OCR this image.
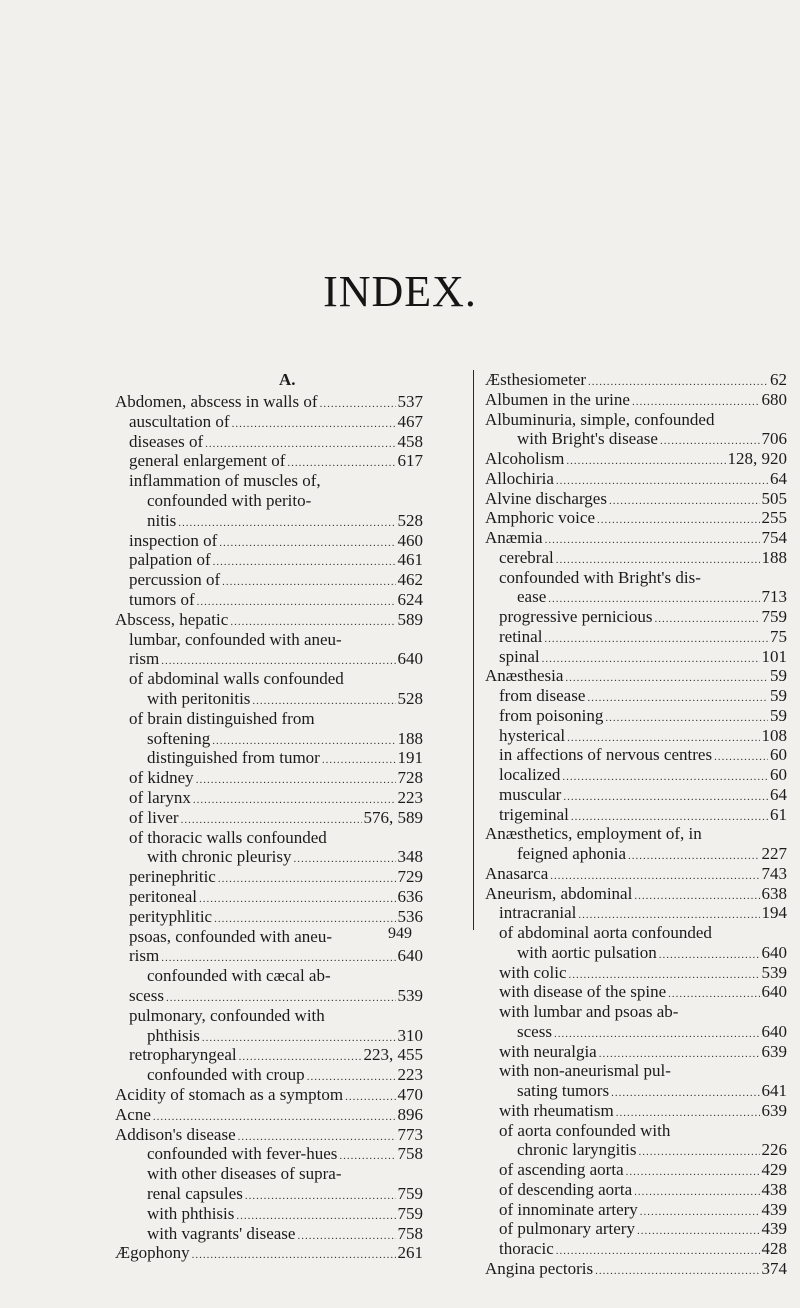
INDEX.
A.
Abdomen, abscess in walls of .....	537
auscultation of .....	467
diseases of .....	458
general enlargement of .....	617
inflammation of muscles of,
confounded with perito-
nitis .....	528
inspection of .....	460
palpation of .....	461
percussion of .....	462
tumors of .....	624
Abscess, hepatic .....	589
lumbar, confounded with aneu-
rism .....	640
of abdominal walls confounded
with peritonitis .....	528
of brain distinguished from
softening .....	188
distinguished from tumor .....	191
of kidney .....	728
of larynx .....	223
of liver .....	576, 589
of thoracic walls confounded
with chronic pleurisy .....	348
perinephritic .....	729
peritoneal .....	636
perityphlitic .....	536
psoas, confounded with aneu-
rism .....	640
confounded with cæcal ab-
scess .....	539
pulmonary, confounded with
phthisis .....	310
retropharyngeal .....	223, 455
confounded with croup .....	223
Acidity of stomach as a symptom .....	470
Acne .....	896
Addison's disease .....	773
confounded with fever-hues .....	758
with other diseases of supra-
renal capsules .....	759
with phthisis .....	759
with vagrants' disease .....	758
Ægophony .....	261
Æsthesiometer .....	62
Albumen in the urine .....	680
Albuminuria, simple, confounded
with Bright's disease .....	706
Alcoholism .....	128, 920
Allochiria .....	64
Alvine discharges .....	505
Amphoric voice .....	255
Anæmia .....	754
cerebral .....	188
confounded with Bright's dis-
ease .....	713
progressive pernicious .....	759
retinal .....	75
spinal .....	101
Anæsthesia .....	59
from disease .....	59
from poisoning .....	59
hysterical .....	108
in affections of nervous centres .....	60
localized .....	60
muscular .....	64
trigeminal .....	61
Anæsthetics, employment of, in
feigned aphonia .....	227
Anasarca .....	743
Aneurism, abdominal .....	638
intracranial .....	194
of abdominal aorta confounded
with aortic pulsation .....	640
with colic .....	539
with disease of the spine .....	640
with lumbar and psoas ab-
scess .....	640
with neuralgia .....	639
with non-aneurismal pul-
sating tumors .....	641
with rheumatism .....	639
of aorta confounded with
chronic laryngitis .....	226
of ascending aorta .....	429
of descending aorta .....	438
of innominate artery .....	439
of pulmonary artery .....	439
thoracic .....	428
Angina pectoris .....	374
949
